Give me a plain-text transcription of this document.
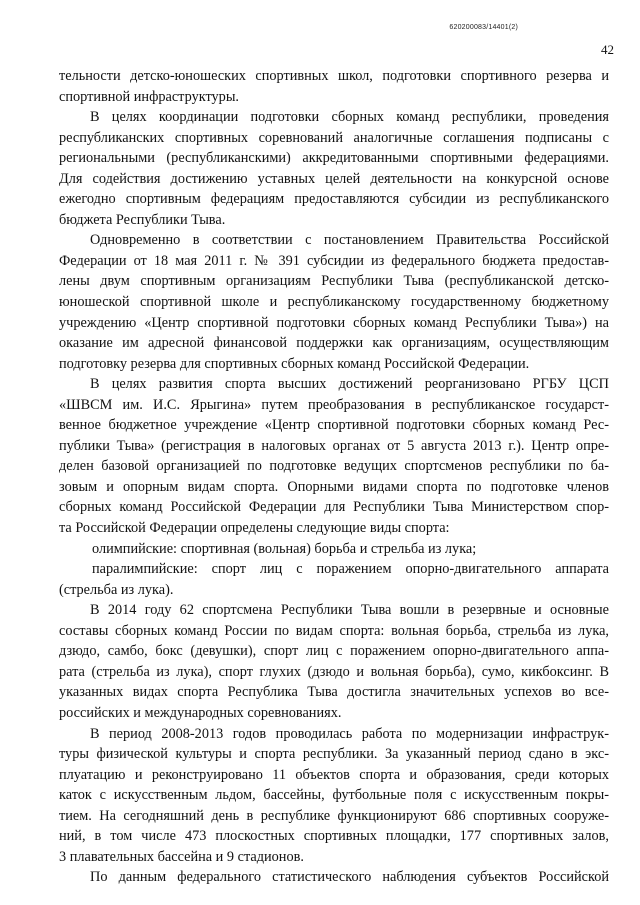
620200083/14401(2)
42
тельности детско-юношеских спортивных школ, подготовки спортивного резерва и
спортивной инфраструктуры.
В целях координации подготовки сборных команд республики, проведения
республиканских спортивных соревнований аналогичные соглашения подписаны с
региональными (республиканскими) аккредитованными спортивными федерациями.
Для содействия достижению уставных целей деятельности на конкурсной основе
ежегодно спортивным федерациям предоставляются субсидии из республиканского
бюджета Республики Тыва.
Одновременно в соответствии с постановлением Правительства Российской
Федерации от 18 мая 2011 г. № 391 субсидии из федерального бюджета предостав-
лены двум спортивным организациям Республики Тыва (республиканской детско-
юношеской спортивной школе и республиканскому государственному бюджетному
учреждению «Центр спортивной подготовки сборных команд Республики Тыва») на
оказание им адресной финансовой поддержки как организациям, осуществляющим
подготовку резерва для спортивных сборных команд Российской Федерации.
В целях развития спорта высших достижений реорганизовано РГБУ ЦСП
«ШВСМ им. И.С. Ярыгина» путем преобразования в республиканское государст-
венное бюджетное учреждение «Центр спортивной подготовки сборных команд Рес-
публики Тыва» (регистрация в налоговых органах от 5 августа 2013 г.). Центр опре-
делен базовой организацией по подготовке ведущих спортсменов республики по ба-
зовым и опорным видам спорта. Опорными видами спорта по подготовке членов
сборных команд Российской Федерации для Республики Тыва Министерством спор-
та Российской Федерации определены следующие виды спорта:
олимпийские: спортивная (вольная) борьба и стрельба из лука;
паралимпийские: спорт лиц с поражением опорно-двигательного аппарата
(стрельба из лука).
В 2014 году 62 спортсмена Республики Тыва вошли в резервные и основные
составы сборных команд России по видам спорта: вольная борьба, стрельба из лука,
дзюдо, самбо, бокс (девушки), спорт лиц с поражением опорно-двигательного аппа-
рата (стрельба из лука), спорт глухих (дзюдо и вольная борьба), сумо, кикбоксинг. В
указанных видах спорта Республика Тыва достигла значительных успехов во все-
российских и международных соревнованиях.
В период 2008-2013 годов проводилась работа по модернизации инфраструк-
туры физической культуры и спорта республики. За указанный период сдано в экс-
плуатацию и реконструировано 11 объектов спорта и образования, среди которых
каток с искусственным льдом, бассейны, футбольные поля с искусственным покры-
тием. На сегодняшний день в республике функционируют 686 спортивных сооруже-
ний, в том числе 473 плоскостных спортивных площадки, 177 спортивных залов,
3 плавательных бассейна и 9 стадионов.
По данным федерального статистического наблюдения субъектов Российской
